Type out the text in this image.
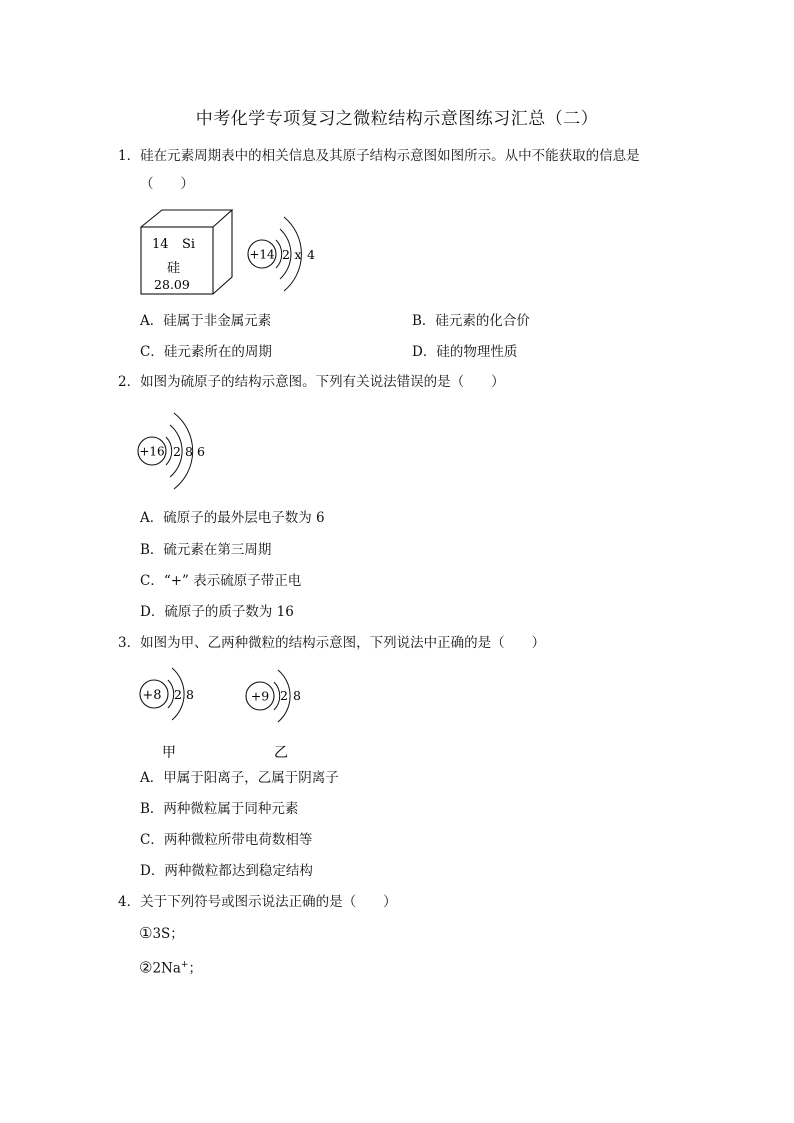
中考化学专项复习之微粒结构示意图练习汇总（二）
1．硅在元素周期表中的相关信息及其原子结构示意图如图所示。从中不能获取的信息是
（　　）
14 Si
硅
28.09
+14 2 x 4
A．硅属于非金属元素	B．硅元素的化合价
C．硅元素所在的周期	D．硅的物理性质
2．如图为硫原子的结构示意图。下列有关说法错误的是（　　）
+16 2 8 6
A．硫原子的最外层电子数为 6
B．硫元素在第三周期
C．“+” 表示硫原子带正电
D．硫原子的质子数为 16
3．如图为甲、乙两种微粒的结构示意图，下列说法中正确的是（　　）
+8 2 8
甲
+9 2 8
乙
A．甲属于阳离子，乙属于阴离子
B．两种微粒属于同种元素
C．两种微粒所带电荷数相等
D．两种微粒都达到稳定结构
4．关于下列符号或图示说法正确的是（　　）
①3S；
②2Na+；
